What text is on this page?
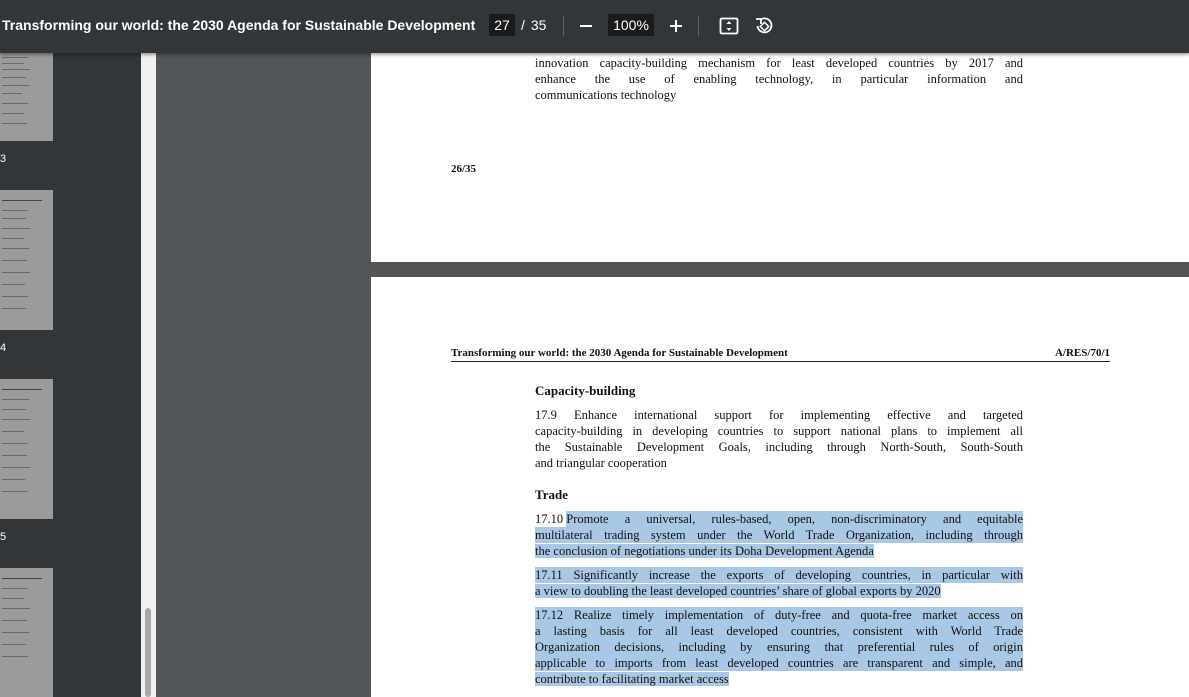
Transforming our world: the 2030 Agenda for Sustainable Development
27	/ 35
100%
3
4
5
innovation capacity-building mechanism for least developed countries by 2017 and
enhance the use of enabling technology, in particular information and
communications technology
26/35
Transforming our world: the 2030 Agenda for Sustainable Development	A/RES/70/1
Capacity-building
17.9 Enhance international support for implementing effective and targeted
capacity-building in developing countries to support national plans to implement all
the Sustainable Development Goals, including through North-South, South-South
and triangular cooperation
Trade
17.10 Promote a universal, rules-based, open, non-discriminatory and equitable
multilateral trading system under the World Trade Organization, including through
the conclusion of negotiations under its Doha Development Agenda
17.11 Significantly increase the exports of developing countries, in particular with
a view to doubling the least developed countries’ share of global exports by 2020
17.12 Realize timely implementation of duty-free and quota-free market access on
a lasting basis for all least developed countries, consistent with World Trade
Organization decisions, including by ensuring that preferential rules of origin
applicable to imports from least developed countries are transparent and simple, and
contribute to facilitating market access
